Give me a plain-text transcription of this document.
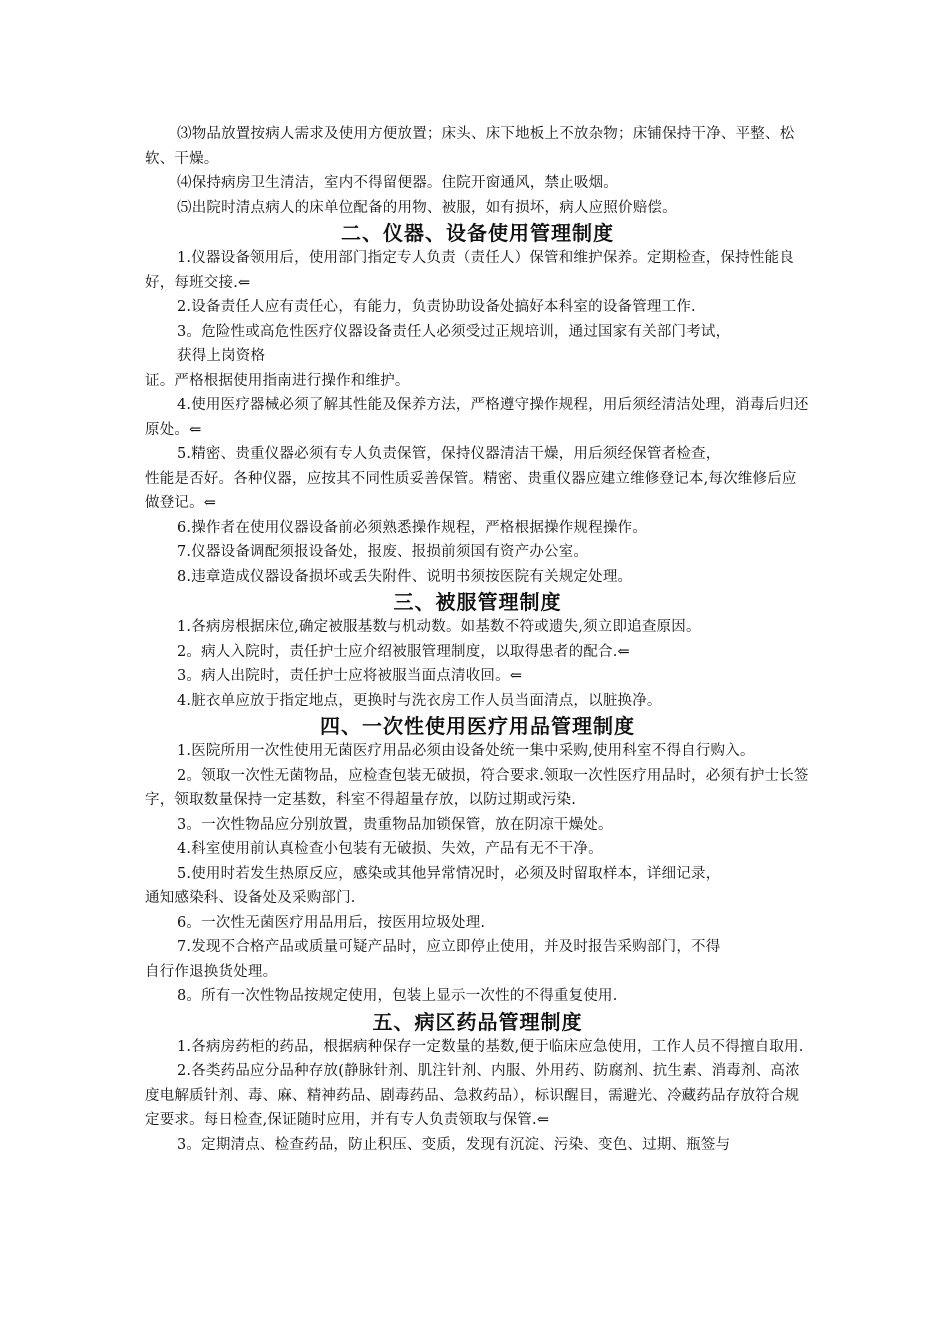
⑶物品放置按病人需求及使用方便放置；床头、床下地板上不放杂物；床铺保持干净、平整、松软、干燥。

⑷保持病房卫生清洁，室内不得留便器。住院开窗通风，禁止吸烟。

⑸出院时清点病人的床单位配备的用物、被服，如有损坏，病人应照价赔偿。

二、仪器、设备使用管理制度

1.仪器设备领用后，使用部门指定专人负责（责任人）保管和维护保养。定期检查，保持性能良好，每班交接.⇐

2.设备责任人应有责任心，有能力，负责协助设备处搞好本科室的设备管理工作.

3。危险性或高危性医疗仪器设备责任人必须受过正规培训，通过国家有关部门考试，

获得上岗资格

证。严格根据使用指南进行操作和维护。

4.使用医疗器械必须了解其性能及保养方法，严格遵守操作规程，用后须经清洁处理，消毒后归还原处。⇐

5.精密、贵重仪器必须有专人负责保管，保持仪器清洁干燥，用后须经保管者检查，

性能是否好。各种仪器，应按其不同性质妥善保管。精密、贵重仪器应建立维修登记本,每次维修后应做登记。⇐

6.操作者在使用仪器设备前必须熟悉操作规程，严格根据操作规程操作。

7.仪器设备调配须报设备处，报废、报损前须国有资产办公室。

8.违章造成仪器设备损坏或丢失附件、说明书须按医院有关规定处理。

三、被服管理制度

1.各病房根据床位,确定被服基数与机动数。如基数不符或遗失,须立即追查原因。

2。病人入院时，责任护士应介绍被服管理制度，以取得患者的配合.⇐

3。病人出院时，责任护士应将被服当面点清收回。⇐

4.脏衣单应放于指定地点，更换时与洗衣房工作人员当面清点，以脏换净。

四、一次性使用医疗用品管理制度

1.医院所用一次性使用无菌医疗用品必须由设备处统一集中采购,使用科室不得自行购入。

2。领取一次性无菌物品，应检查包装无破损，符合要求.领取一次性医疗用品时，必须有护士长签字，领取数量保持一定基数，科室不得超量存放，以防过期或污染.

3。一次性物品应分别放置，贵重物品加锁保管，放在阴凉干燥处。

4.科室使用前认真检查小包装有无破损、失效，产品有无不干净。

5.使用时若发生热原反应，感染或其他异常情况时，必须及时留取样本，详细记录，

通知感染科、设备处及采购部门.

6。一次性无菌医疗用品用后，按医用垃圾处理.

7.发现不合格产品或质量可疑产品时，应立即停止使用，并及时报告采购部门，不得

自行作退换货处理。

8。所有一次性物品按规定使用，包装上显示一次性的不得重复使用.

五、病区药品管理制度

1.各病房药柜的药品，根据病种保存一定数量的基数,便于临床应急使用，工作人员不得擅自取用.

2.各类药品应分品种存放(静脉针剂、肌注针剂、内服、外用药、防腐剂、抗生素、消毒剂、高浓度电解质针剂、毒、麻、精神药品、剧毒药品、急救药品），标识醒目，需避光、冷藏药品存放符合规定要求。每日检查,保证随时应用，并有专人负责领取与保管.⇐

3。定期清点、检查药品，防止积压、变质，发现有沉淀、污染、变色、过期、瓶签与
